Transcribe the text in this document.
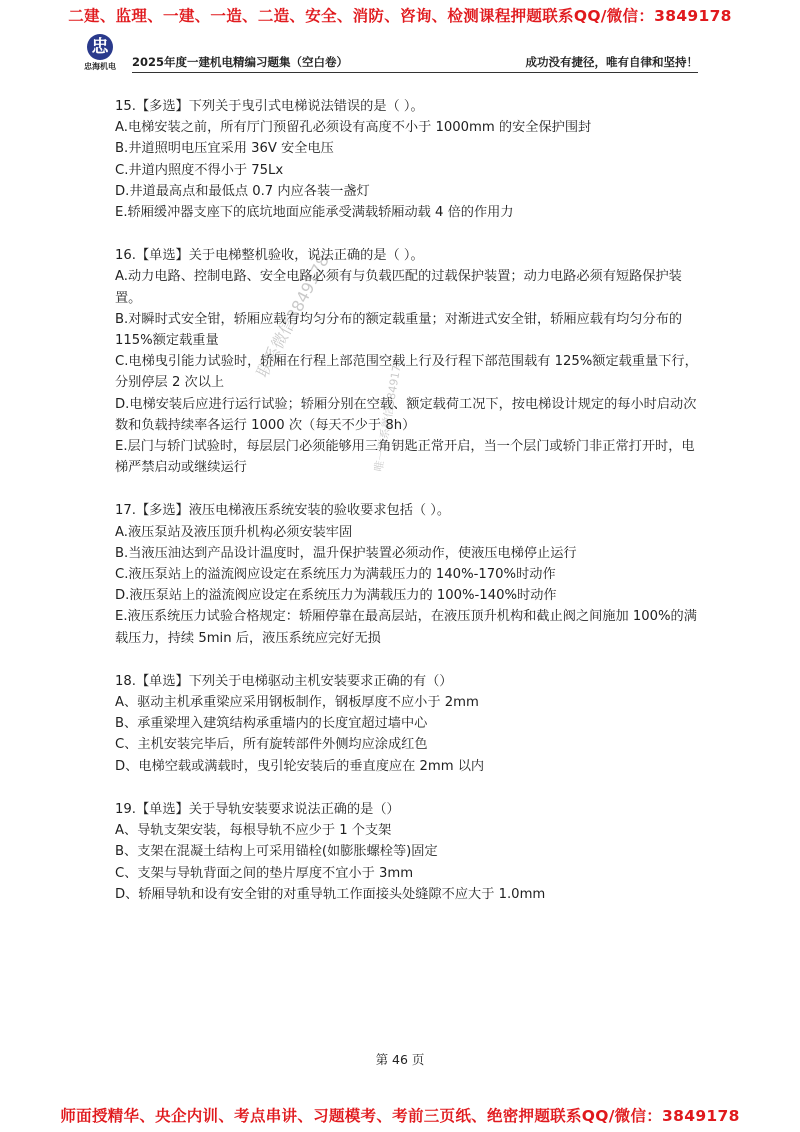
二建、监理、一建、一造、二造、安全、消防、咨询、检测课程押题联系QQ/微信：3849178
忠
忠海机电	2025年度一建机电精编习题集（空白卷）	成功没有捷径，唯有自律和坚持！
联系微信3849178
唯一联系微信3849178

15.【多选】下列关于曳引式电梯说法错误的是（ ）。

A.电梯安装之前，所有厅门预留孔必须设有高度不小于 1000mm 的安全保护围封

B.井道照明电压宜采用 36V 安全电压

C.井道内照度不得小于 75Lx

D.井道最高点和最低点 0.7 内应各装一盏灯

E.轿厢缓冲器支座下的底坑地面应能承受满载轿厢动载 4 倍的作用力

16.【单选】关于电梯整机验收，说法正确的是（ ）。

A.动力电路、控制电路、安全电路必须有与负载匹配的过载保护装置；动力电路必须有短路保护装置。

B.对瞬时式安全钳，轿厢应载有均匀分布的额定载重量；对渐进式安全钳，轿厢应载有均匀分布的 115%额定载重量

C.电梯曳引能力试验时，轿厢在行程上部范围空载上行及行程下部范围载有 125%额定载重量下行，分别停层 2 次以上

D.电梯安装后应进行运行试验；轿厢分别在空载、额定载荷工况下，按电梯设计规定的每小时启动次数和负载持续率各运行 1000 次（每天不少于 8h）

E.层门与轿门试验时，每层层门必须能够用三角钥匙正常开启，当一个层门或轿门非正常打开时，电梯严禁启动或继续运行

17.【多选】液压电梯液压系统安装的验收要求包括（ ）。

A.液压泵站及液压顶升机构必须安装牢固

B.当液压油达到产品设计温度时，温升保护装置必须动作，使液压电梯停止运行

C.液压泵站上的溢流阀应设定在系统压力为满载压力的 140%-170%时动作

D.液压泵站上的溢流阀应设定在系统压力为满载压力的 100%-140%时动作

E.液压系统压力试验合格规定：轿厢停靠在最高层站，在液压顶升机构和截止阀之间施加 100%的满载压力，持续 5min 后，液压系统应完好无损

18.【单选】下列关于电梯驱动主机安装要求正确的有（）

A、驱动主机承重梁应采用钢板制作，钢板厚度不应小于 2mm

B、承重梁埋入建筑结构承重墙内的长度宜超过墙中心

C、主机安装完毕后，所有旋转部件外侧均应涂成红色

D、电梯空载或满载时，曳引轮安装后的垂直度应在 2mm 以内

19.【单选】关于导轨安装要求说法正确的是（）

A、导轨支架安装，每根导轨不应少于 1 个支架

B、支架在混凝土结构上可采用锚栓(如膨胀螺栓等)固定

C、支架与导轨背面之间的垫片厚度不宜小于 3mm

D、轿厢导轨和设有安全钳的对重导轨工作面接头处缝隙不应大于 1.0mm

第 46 页
师面授精华、央企内训、考点串讲、习题模考、考前三页纸、绝密押题联系QQ/微信：3849178
